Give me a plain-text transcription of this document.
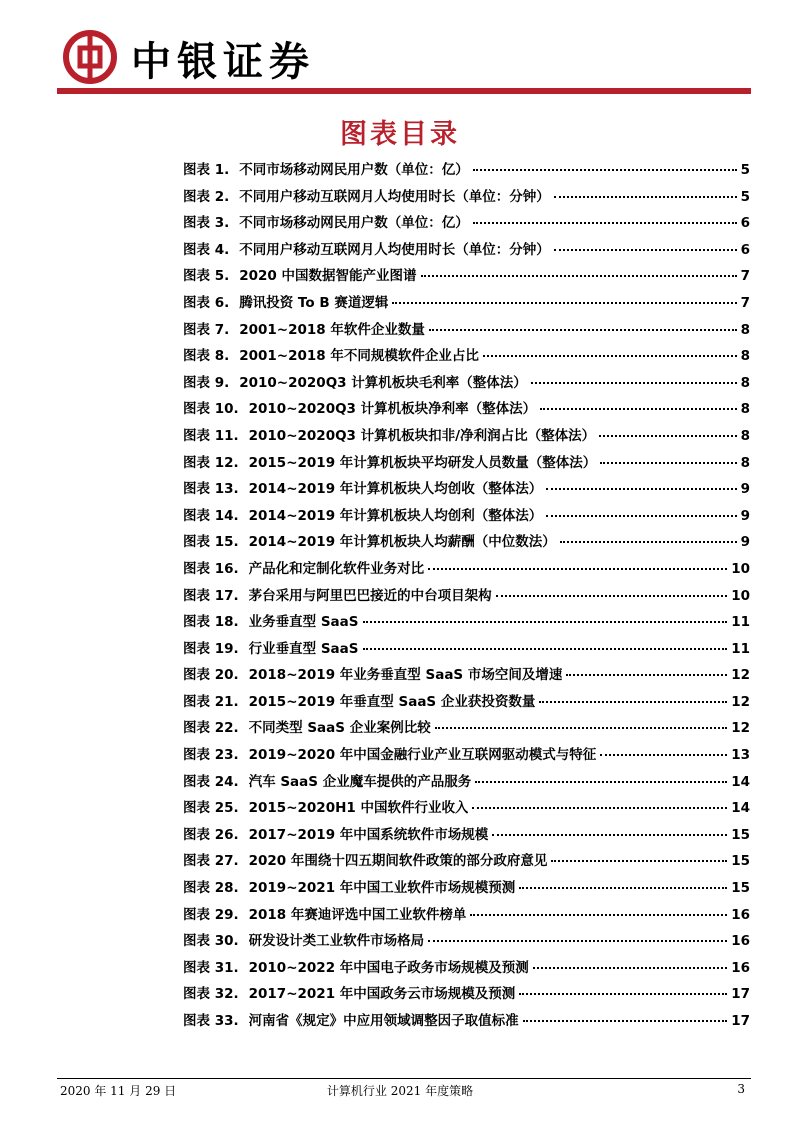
中银证券
图表目录
图表 1. 不同市场移动网民用户数（单位：亿）	5
图表 2. 不同用户移动互联网月人均使用时长（单位：分钟）	5
图表 3. 不同市场移动网民用户数（单位：亿）	6
图表 4. 不同用户移动互联网月人均使用时长（单位：分钟）	6
图表 5. 2020 中国数据智能产业图谱	7
图表 6. 腾讯投资 To B 赛道逻辑	7
图表 7. 2001~2018 年软件企业数量	8
图表 8. 2001~2018 年不同规模软件企业占比	8
图表 9. 2010~2020Q3 计算机板块毛利率（整体法）	8
图表 10. 2010~2020Q3 计算机板块净利率（整体法）	8
图表 11. 2010~2020Q3 计算机板块扣非/净利润占比（整体法）	8
图表 12. 2015~2019 年计算机板块平均研发人员数量（整体法）	8
图表 13. 2014~2019 年计算机板块人均创收（整体法）	9
图表 14. 2014~2019 年计算机板块人均创利（整体法）	9
图表 15. 2014~2019 年计算机板块人均薪酬（中位数法）	9
图表 16. 产品化和定制化软件业务对比	10
图表 17. 茅台采用与阿里巴巴接近的中台项目架构	10
图表 18. 业务垂直型 SaaS	11
图表 19. 行业垂直型 SaaS	11
图表 20. 2018~2019 年业务垂直型 SaaS 市场空间及增速	12
图表 21. 2015~2019 年垂直型 SaaS 企业获投资数量	12
图表 22. 不同类型 SaaS 企业案例比较	12
图表 23. 2019~2020 年中国金融行业产业互联网驱动模式与特征	13
图表 24. 汽车 SaaS 企业魔车提供的产品服务	14
图表 25. 2015~2020H1 中国软件行业收入	14
图表 26. 2017~2019 年中国系统软件市场规模	15
图表 27. 2020 年围绕十四五期间软件政策的部分政府意见	15
图表 28. 2019~2021 年中国工业软件市场规模预测	15
图表 29. 2018 年赛迪评选中国工业软件榜单	16
图表 30. 研发设计类工业软件市场格局	16
图表 31. 2010~2022 年中国电子政务市场规模及预测	16
图表 32. 2017~2021 年中国政务云市场规模及预测	17
图表 33. 河南省《规定》中应用领域调整因子取值标准	17
2020 年 11 月 29 日	计算机行业 2021 年度策略	3
